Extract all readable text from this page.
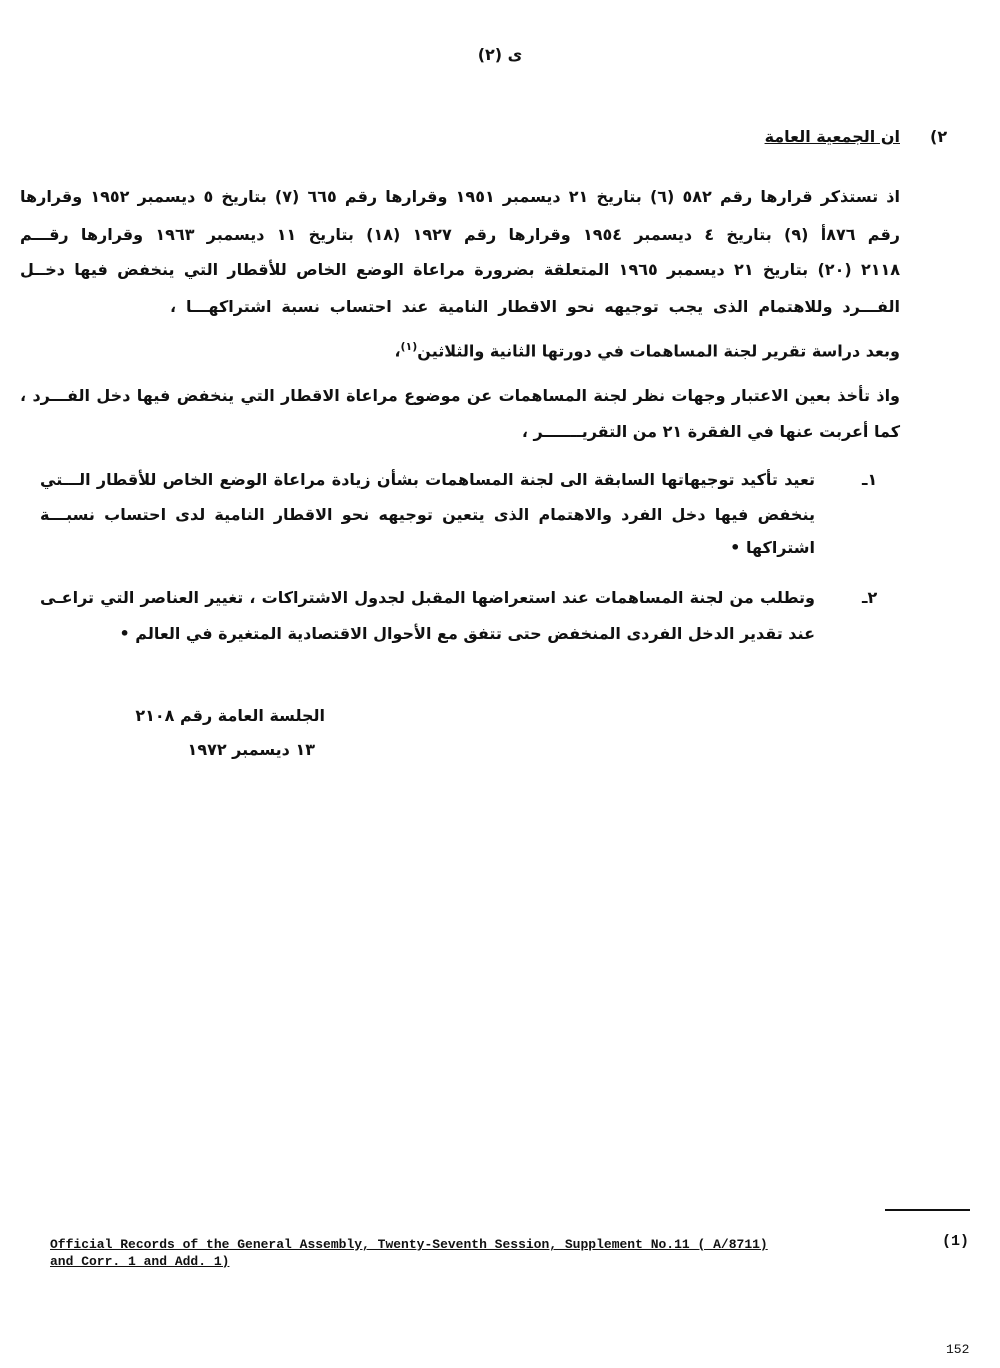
ى (٢)
٢)
ان الجمعية العامة
اذ تستذكر قرارها رقم ٥٨٢ (٦) بتاريخ ٢١ ديسمبر ١٩٥١ وقرارها رقم ٦٦٥ (٧) بتاريخ ٥ ديسمبر ١٩٥٢ وقرارها
رقم ٨٧٦أ (٩) بتاريخ ٤ ديسمبر ١٩٥٤ وقرارها رقم ١٩٢٧ (١٨) بتاريخ ١١ ديسمبر ١٩٦٣ وقرارها رقـــم
٢١١٨ (٢٠) بتاريخ ٢١ ديسمبر ١٩٦٥ المتعلقة بضرورة مراعاة الوضع الخاص للأقطار التي ينخفض فيها دخــل
الفـــرد وللاهتمام الذى يجب توجيهه نحو الاقطار النامية عند احتساب نسبة اشتراكهـــا ،
وبعد دراسة تقرير لجنة المساهمات في دورتها الثانية والثلاثين$^{(١)}$،
واذ تأخذ بعين الاعتبار وجهات نظر لجنة المساهمات عن موضوع مراعاة الاقطار التي ينخفض فيها دخل الفـــرد ،
كما أعربت عنها في الفقرة ٢١ من التقريـــــــر ،
١ـ
تعيد تأكيد توجيهاتها السابقة الى لجنة المساهمات بشأن زيادة مراعاة الوضع الخاص للأقطار الـــتي
ينخفض فيها دخل الفرد والاهتمام الذى يتعين توجيهه نحو الاقطار النامية لدى احتساب نسبـــة
اشتراكها •
٢ـ
وتطلب من لجنة المساهمات عند استعراضها المقبل لجدول الاشتراكات ، تغيير العناصر التي تراعـى
عند تقدير الدخل الفردى المنخفض حتى تتفق مع الأحوال الاقتصادية المتغيرة في العالم •
الجلسة العامة رقم ٢١٠٨
١٣ ديسمبر ١٩٧٢
Official Records of the General Assembly, Twenty-Seventh Session, Supplement No.11 ( A/8711)
and Corr. 1 and Add. 1)
(1)
152
